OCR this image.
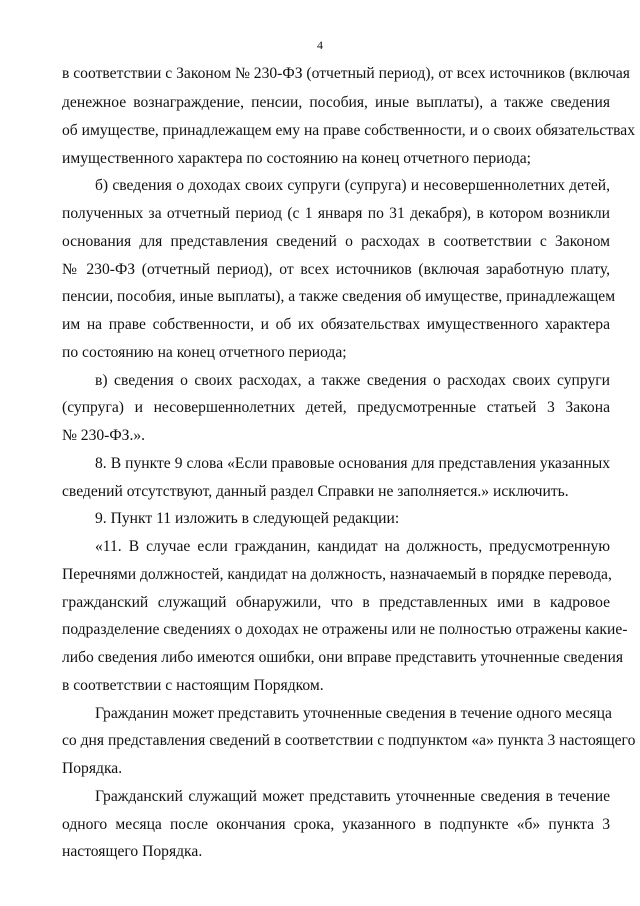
4
в соответствии с Законом № 230-ФЗ (отчетный период), от всех источников (включая
денежное вознаграждение, пенсии, пособия, иные выплаты), а также сведения
об имуществе, принадлежащем ему на праве собственности, и о своих обязательствах
имущественного характера по состоянию на конец отчетного периода;
б) сведения о доходах своих супруги (супруга) и несовершеннолетних детей,
полученных за отчетный период (с 1 января по 31 декабря), в котором возникли
основания для представления сведений о расходах в соответствии с Законом
№ 230-ФЗ (отчетный период), от всех источников (включая заработную плату,
пенсии, пособия, иные выплаты), а также сведения об имуществе, принадлежащем
им на праве собственности, и об их обязательствах имущественного характера
по состоянию на конец отчетного периода;
в) сведения о своих расходах, а также сведения о расходах своих супруги
(супруга) и несовершеннолетних детей, предусмотренные статьей 3 Закона
№ 230-ФЗ.».
8. В пункте 9 слова «Если правовые основания для представления указанных
сведений отсутствуют, данный раздел Справки не заполняется.» исключить.
9. Пункт 11 изложить в следующей редакции:
«11. В случае если гражданин, кандидат на должность, предусмотренную
Перечнями должностей, кандидат на должность, назначаемый в порядке перевода,
гражданский служащий обнаружили, что в представленных ими в кадровое
подразделение сведениях о доходах не отражены или не полностью отражены какие-
либо сведения либо имеются ошибки, они вправе представить уточненные сведения
в соответствии с настоящим Порядком.
Гражданин может представить уточненные сведения в течение одного месяца
со дня представления сведений в соответствии с подпунктом «а» пункта 3 настоящего
Порядка.
Гражданский служащий может представить уточненные сведения в течение
одного месяца после окончания срока, указанного в подпункте «б» пункта 3
настоящего Порядка.
